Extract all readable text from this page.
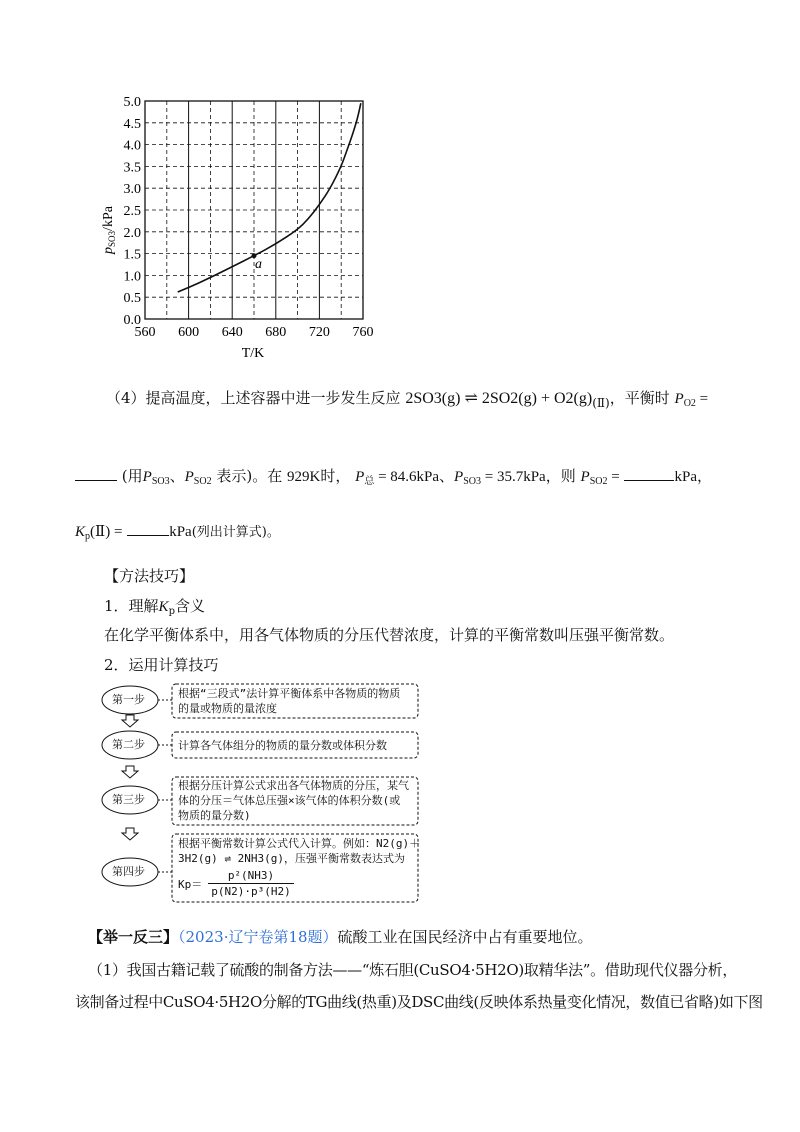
560 600 640 680 720 760
0.0
0.5
1.0
1.5
2.0
2.5
3.0
3.5
4.0
4.5
5.0
a
$p_{SO3}$/kPa
T/K
（4）提高温度，上述容器中进一步发生反应 2SO3(g) ⇌ $2SO2(g) + O2(g)_{(Ⅱ)}$，平衡时 $P_{O2}$ =
(用$P_{SO3}$、$P_{SO2}$ 表示)。在 929K时， $P_总 = 84.6kPa$、$P_{SO3} = 35.7kPa$，则 $P_{SO2}$ =	kPa，
$K_p(Ⅱ)$ =	kPa(列出计算式)。
【方法技巧】
1．理解$K_p$含义
在化学平衡体系中，用各气体物质的分压代替浓度，计算的平衡常数叫压强平衡常数。
2．运用计算技巧
第一步
第二步
第三步
第四步
根据“三段式”法计算平衡体系中各物质的物质
的量或物质的量浓度
计算各气体组分的物质的量分数或体积分数
根据分压计算公式求出各气体物质的分压，某气
体的分压＝气体总压强×该气体的体积分数(或
物质的量分数)
根据平衡常数计算公式代入计算。例如：N2(g)＋
3H2(g) ⇌ 2NH3(g)，压强平衡常数表达式为
$Kp= \frac{\text{p²(NH3)}}{\text{p(N2)·p³(H2)}}$
【举一反三】（2023·辽宁卷第18题）硫酸工业在国民经济中占有重要地位。
（1）我国古籍记载了硫酸的制备方法——“炼石胆(CuSO4·5H2O)取精华法”。借助现代仪器分析，
该制备过程中CuSO4·5H2O分解的TG曲线(热重)及DSC曲线(反映体系热量变化情况，数值已省略)如下图
